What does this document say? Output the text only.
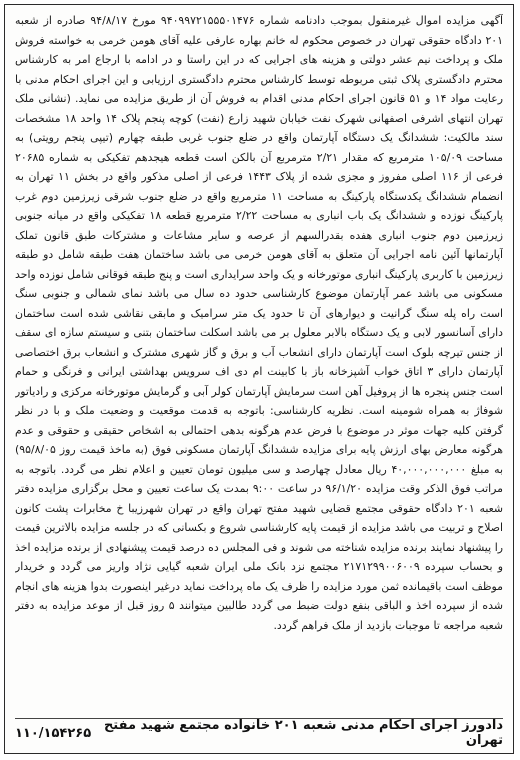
آگهی مزایده اموال غیرمنقول بموجب دادنامه شماره ۹۴۰۹۹۷۲۱۵۵۵۰۱۴۷۶ مورخ ۹۴/۸/۱۷ صادره از شعبه ۲۰۱ دادگاه حقوقی تهران در خصوص محکوم له خانم بهاره عارفی علیه آقای هومن خرمی به خواسته فروش ملک و پرداخت نیم عشر دولتی و هزینه های اجرایی که در این راستا و در ادامه با ارجاع امر به کارشناس محترم دادگستری پلاک ثبتی مربوطه توسط کارشناس محترم دادگستری ارزیابی و این اجرای احکام مدنی با رعایت مواد ۱۴ و ۵۱ قانون اجرای احکام مدنی اقدام به فروش آن از طریق مزایده می نماید. (نشانی ملک تهران انتهای اشرفی اصفهانی شهرک نفت خیابان شهید زارع (نفت) کوچه پنجم پلاک ۱۴ واحد ۱۸ مشخصات سند مالکیت: ششدانگ یک دستگاه آپارتمان واقع در ضلع جنوب غربی طبقه چهارم (تیپی پنجم رویتی) به مساحت ۱۰۵/۰۹ مترمربع که مقدار ۲/۲۱ مترمربع آن بالکن است قطعه هیجدهم تفکیکی به شماره ۲۰۶۸۵ فرعی از ۱۱۶ اصلی مفروز و مجزی شده از پلاک ۱۴۴۳ فرعی از اصلی مذکور واقع در بخش ۱۱ تهران به انضمام ششدانگ یکدستگاه پارکینگ به مساحت ۱۱ مترمربع واقع در ضلع جنوب شرقی زیرزمین دوم غرب پارکینگ نوزده و ششدانگ یک باب انباری به مساحت ۲/۲۲ مترمربع قطعه ۱۸ تفکیکی واقع در میانه جنوبی زیرزمین دوم جنوب انباری هفده بقدرالسهم از عرصه و سایر مشاعات و مشترکات طبق قانون تملک آپارتمانها آئین نامه اجرایی آن متعلق به آقای هومن خرمی می باشد ساختمان هفت طبقه شامل دو طبقه زیرزمین با کاربری پارکینگ انباری موتورخانه و یک واحد سرایداری است و پنج طبقه فوقانی شامل نوزده واحد مسکونی می باشد عمر آپارتمان موضوع کارشناسی حدود ده سال می باشد نمای شمالی و جنوبی سنگ است راه پله سنگ گرانیت و دیوارهای آن تا حدود یک متر سرامیک و مابقی نقاشی شده است ساختمان دارای آسانسور لابی و یک دستگاه بالابر معلول بر می باشد اسکلت ساختمان بتنی و سیستم سازه ای سقف از جنس تیرچه بلوک است آپارتمان دارای انشعاب آب و برق و گاز شهری مشترک و انشعاب برق اختصاصی آپارتمان دارای ۳ اتاق خواب آشپزخانه باز با کابینت ام دی اف سرویس بهداشتی ایرانی و فرنگی و حمام است جنس پنجره ها از پروفیل آهن است سرمایش آپارتمان کولر آبی و گرمایش موتورخانه مرکزی و رادیاتور شوفاژ به همراه شومینه است. نظریه کارشناسی: باتوجه به قدمت موقعیت و وضعیت ملک و با در نظر گرفتن کلیه جهات موثر در موضوع با فرض عدم هرگونه بدهی احتمالی به اشخاص حقیقی و حقوقی و عدم هرگونه معارض بهای ارزش پایه برای مزایده ششدانگ آپارتمان مسکونی فوق (به ماخذ قیمت روز ۹۵/۸/۰۵) به مبلغ ۴۰,۰۰۰,۰۰۰,۰۰۰ ریال معادل چهارصد و سی میلیون تومان تعیین و اعلام نظر می گردد. باتوجه به مراتب فوق الذکر وقت مزایده ۹۶/۱/۲۰ در ساعت ۹:۰۰ بمدت یک ساعت تعیین و محل برگزاری مزایده دفتر شعبه ۲۰۱ دادگاه حقوقی مجتمع قضایی شهید مفتح تهران واقع در تهران شهرزیبا خ مخابرات پشت کانون اصلاح و تربیت می باشد مزایده از قیمت پایه کارشناسی شروع و بکسانی که در جلسه مزایده بالاترین قیمت را پیشنهاد نمایند برنده مزایده شناخته می شوند و فی المجلس ده درصد قیمت پیشنهادی از برنده مزایده اخذ و بحساب سپرده ۲۱۷۱۲۹۹۰۰۶۰۰۹ مجتمع نزد بانک ملی ایران شعبه گیایی نژاد واریز می گردد و خریدار موظف است باقیمانده ثمن مورد مزایده را ظرف یک ماه پرداخت نماید درغیر اینصورت بدوا هزینه های انجام شده از سپرده اخذ و الباقی بنفع دولت ضبط می گردد طالبین میتوانند ۵ روز قبل از موعد مزایده به دفتر شعبه مراجعه تا موجبات بازدید از ملک فراهم گردد.

۱۱۰/۱۵۴۲۶۵ دادورز اجرای احکام مدنی شعبه ۲۰۱ خانواده مجتمع شهید مفتح تهران
